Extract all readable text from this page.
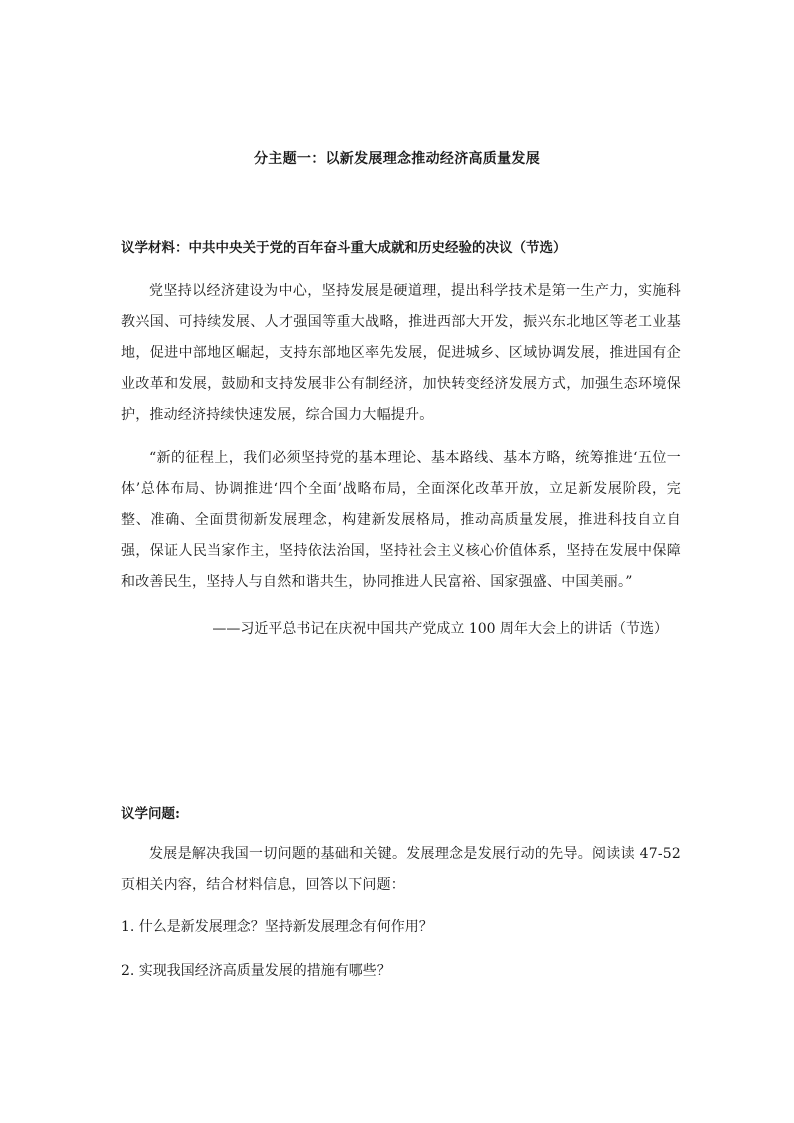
分主题一：以新发展理念推动经济高质量发展
议学材料：中共中央关于党的百年奋斗重大成就和历史经验的决议（节选）
党坚持以经济建设为中心，坚持发展是硬道理，提出科学技术是第一生产力，实施科教兴国、可持续发展、人才强国等重大战略，推进西部大开发，振兴东北地区等老工业基地，促进中部地区崛起，支持东部地区率先发展，促进城乡、区域协调发展，推进国有企业改革和发展，鼓励和支持发展非公有制经济，加快转变经济发展方式，加强生态环境保护，推动经济持续快速发展，综合国力大幅提升。
“新的征程上，我们必须坚持党的基本理论、基本路线、基本方略，统筹推进‘五位一体’总体布局、协调推进‘四个全面’战略布局，全面深化改革开放，立足新发展阶段，完整、准确、全面贯彻新发展理念，构建新发展格局，推动高质量发展，推进科技自立自强，保证人民当家作主，坚持依法治国，坚持社会主义核心价值体系，坚持在发展中保障和改善民生，坚持人与自然和谐共生，协同推进人民富裕、国家强盛、中国美丽。”
——习近平总书记在庆祝中国共产党成立 100 周年大会上的讲话（节选）
议学问题:
发展是解决我国一切问题的基础和关键。发展理念是发展行动的先导。阅读读 47-52 页相关内容，结合材料信息，回答以下问题：
1. 什么是新发展理念？坚持新发展理念有何作用？
2. 实现我国经济高质量发展的措施有哪些？
